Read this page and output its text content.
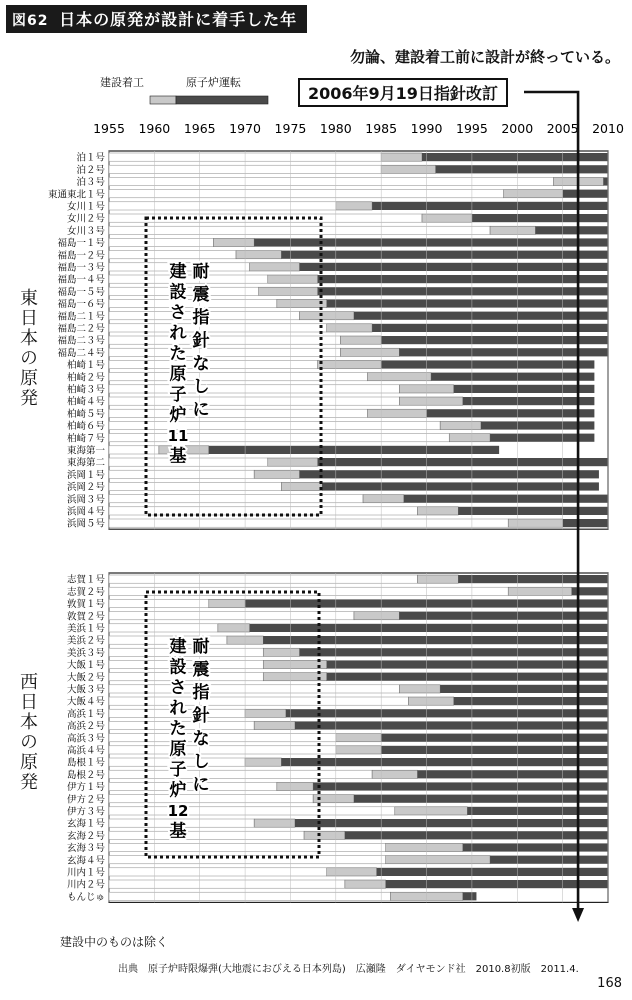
図62 日本の原発が設計に着手した年
勿論、建設着工前に設計が終っている。
建設着工	原子炉運転
2006年9月19日指針改訂
東日本の原発
西日本の原発
建設中のものは除く
出典　原子炉時限爆弾(大地震におびえる日本列島)　広瀬隆　ダイヤモンド社　2010.8初版　2011.4.
168
1955 1960 1965 1970 1975 1980 1985 1990 1995 2000 2005 2010
泊１号
泊２号
泊３号
東通東北１号
女川１号
女川２号
女川３号
福島一１号
福島一２号
福島一３号
福島一４号
福島一５号
福島一６号
福島二１号
福島二２号
福島二３号
福島二４号
柏崎１号
柏崎２号
柏崎３号
柏崎４号
柏崎５号
柏崎６号
柏崎７号
東海第一
東海第二
浜岡１号
浜岡２号
浜岡３号
浜岡４号
浜岡５号
志賀１号
志賀２号
敦賀１号
敦賀２号
美浜１号
美浜２号
美浜３号
大飯１号
大飯２号
大飯３号
大飯４号
高浜１号
高浜２号
高浜３号
高浜４号
島根１号
島根２号
伊方１号
伊方２号
伊方３号
玄海１号
玄海２号
玄海３号
玄海４号
川内１号
川内２号
もんじゅ
耐
震
指
針
な
し
に
建
設
さ
れ
た
原
子
炉
11
基
耐
震
指
針
な
し
に
建
設
さ
れ
た
原
子
炉
12
基
